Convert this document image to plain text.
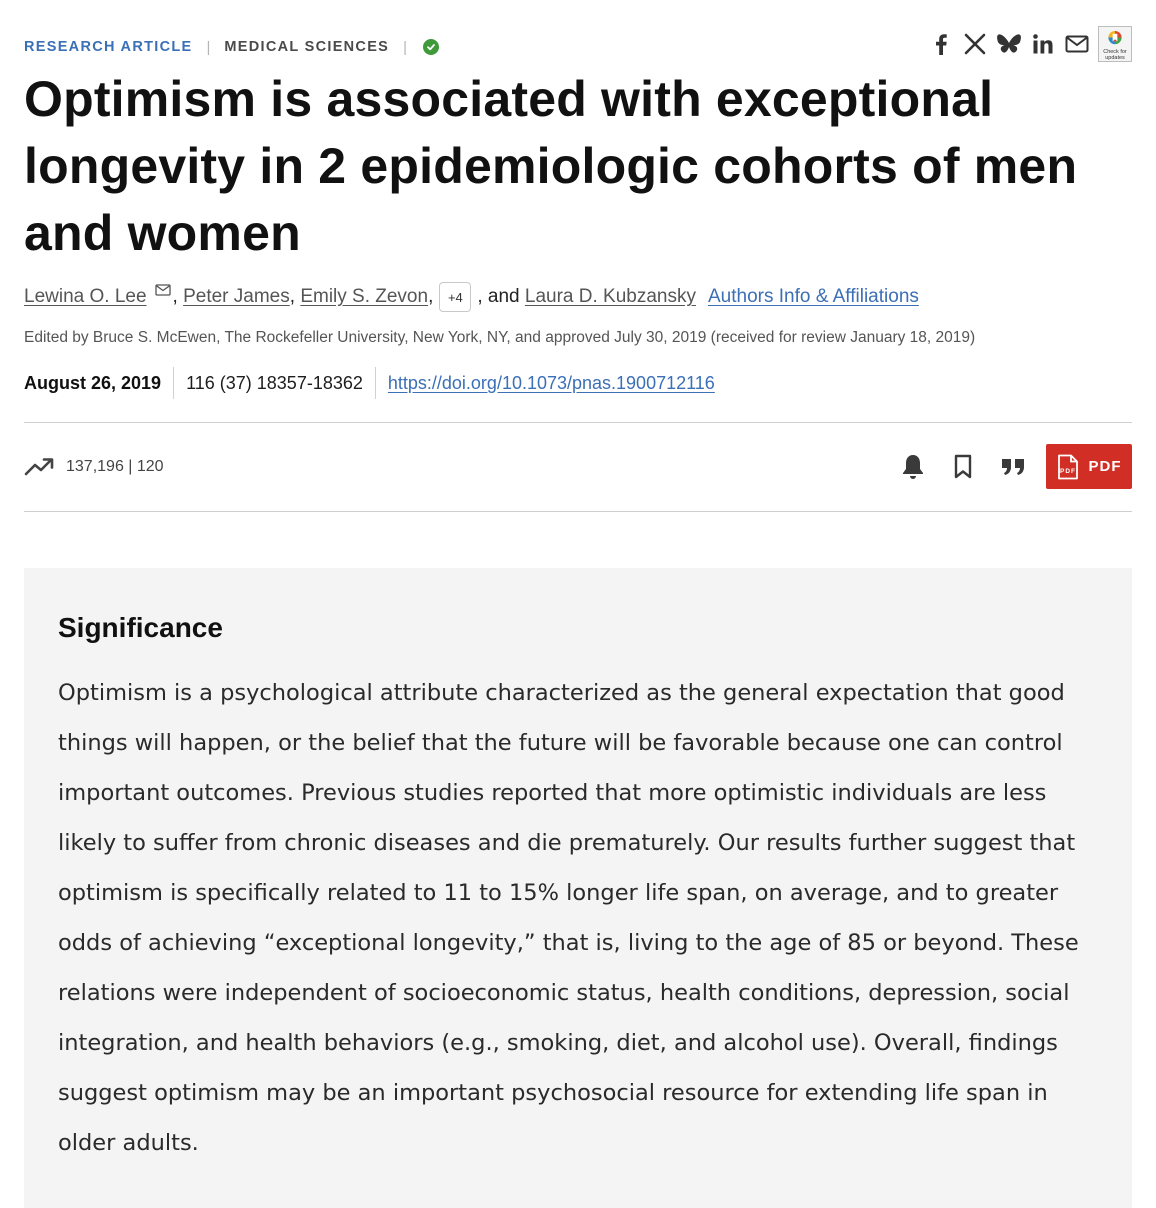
RESEARCH ARTICLE | MEDICAL SCIENCES |	Check for updates
Optimism is associated with exceptional longevity in 2 epidemiologic cohorts of men and women
Lewina O. Lee , Peter James , Emily S. Zevon ,	+4 , and
Laura D. Kubzansky Authors Info & Affiliations
Edited by Bruce S. McEwen, The Rockefeller University, New York, NY, and approved July 30, 2019 (received for review January 18, 2019)
August 26, 2019 116 (37) 18357-18362 https://doi.org/10.1073/pnas.1900712116
137,196 | 120	PDF PDF
Significance

Optimism is a psychological attribute characterized as the general expectation that good things will happen, or the belief that the future will be favorable because one can control important outcomes. Previous studies reported that more optimistic individuals are less likely to suffer from chronic diseases and die prematurely. Our results further suggest that optimism is specifically related to 11 to 15% longer life span, on average, and to greater odds of achieving “exceptional longevity,” that is, living to the age of 85 or beyond. These relations were independent of socioeconomic status, health conditions, depression, social integration, and health behaviors (e.g., smoking, diet, and alcohol use). Overall, findings suggest optimism may be an important psychosocial resource for extending life span in older adults.
